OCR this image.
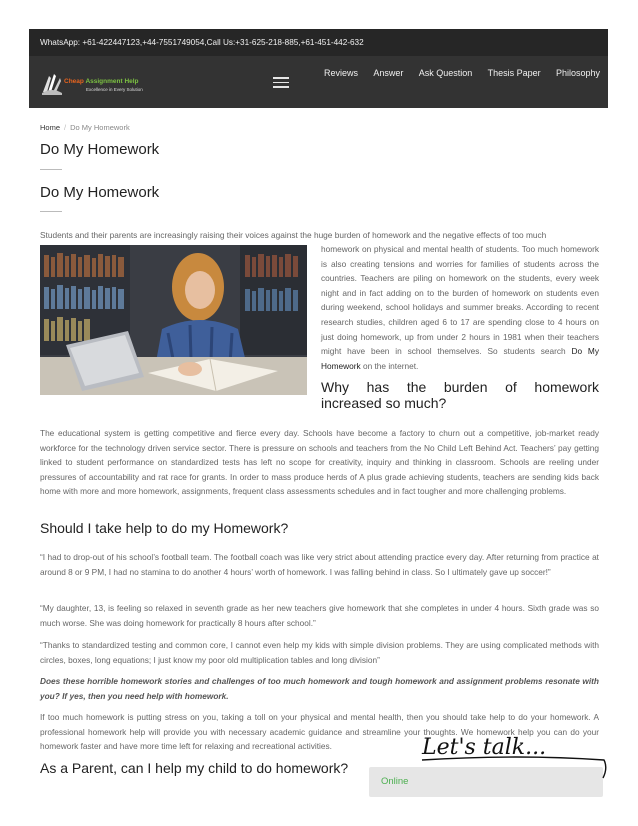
WhatsApp: +61-422447123,+44-7551749054,Call Us:+31-625-218-885,+61-451-442-632
Cheap Assignment Help
Excellence in Every Solution
Reviews Answer Ask Question Thesis Paper Philosophy
Home / Do My Homework
Do My Homework
Do My Homework
Students and their parents are increasingly raising their voices against the huge burden of homework and the negative effects of too much
homework on physical and mental health of students. Too much homework is also creating tensions and worries for families of students across the countries. Teachers are piling on homework on the students, every week night and in fact adding on to the burden of homework on students even during weekend, school holidays and summer breaks. According to recent research studies, children aged 6 to 17 are spending close to 4 hours on just doing homework, up from under 2 hours in 1981 when their teachers might have been in school themselves. So students search Do My Homework on the internet.
Why has the burden of homework
increased so much?
The educational system is getting competitive and fierce every day. Schools have become a factory to churn out a competitive, job-market ready workforce for the technology driven service sector. There is pressure on schools and teachers from the No Child Left Behind Act. Teachers’ pay getting linked to student performance on standardized tests has left no scope for creativity, inquiry and thinking in classroom. Schools are reeling under pressures of accountability and rat race for grants. In order to mass produce herds of A plus grade achieving students, teachers are sending kids back home with more and more homework, assignments, frequent class assessments schedules and in fact tougher and more challenging problems.
Should I take help to do my Homework?
“I had to drop-out of his school’s football team. The football coach was like very strict about attending practice every day. After returning from practice at around 8 or 9 PM, I had no stamina to do another 4 hours’ worth of homework. I was falling behind in class. So I ultimately gave up soccer!”
“My daughter, 13, is feeling so relaxed in seventh grade as her new teachers give homework that she completes in under 4 hours. Sixth grade was so much worse. She was doing homework for practically 8 hours after school.”
“Thanks to standardized testing and common core, I cannot even help my kids with simple division problems. They are using complicated methods with circles, boxes, long equations; I just know my poor old multiplication tables and long division”
Does these horrible homework stories and challenges of too much homework and tough homework and assignment problems resonate with you? If yes, then you need help with homework.
If too much homework is putting stress on you, taking a toll on your physical and mental health, then you should take help to do your homework. A professional homework help will provide you with necessary academic guidance and streamline your thoughts. We homework help you can do your homework faster and have more time left for relaxing and recreational activities.
As a Parent, can I help my child to do homework?
Online
Let's talk...
